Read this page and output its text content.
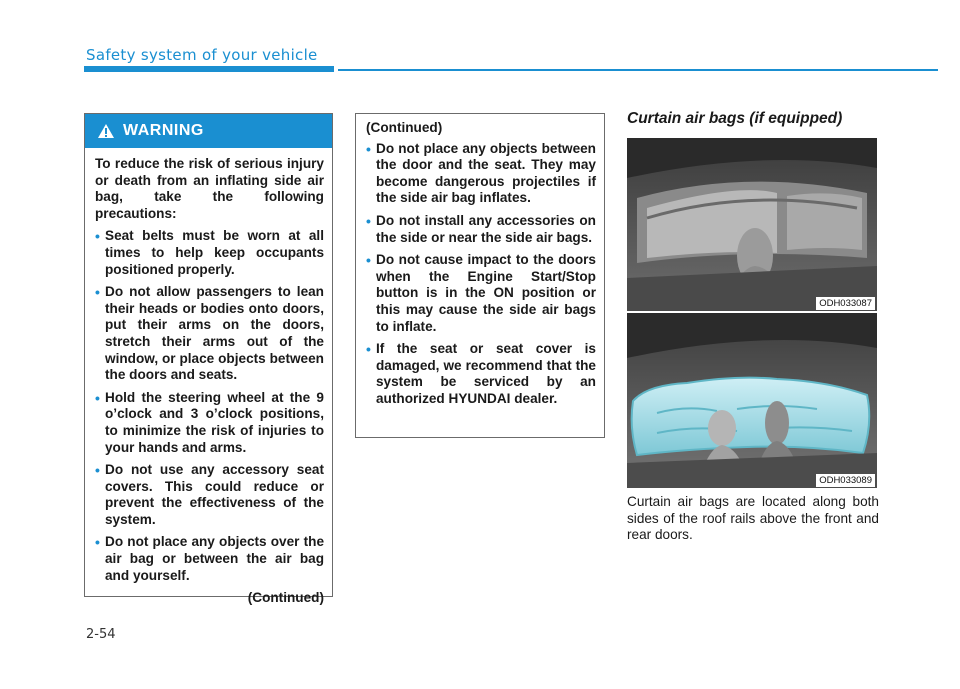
Safety system of your vehicle
WARNING

To reduce the risk of serious injury or death from an inflating side air bag, take the following precautions:

• Seat belts must be worn at all times to help keep occupants positioned properly.
• Do not allow passengers to lean their heads or bodies onto doors, put their arms on the doors, stretch their arms out of the window, or place objects between the doors and seats.
• Hold the steering wheel at the 9 o’clock and 3 o’clock positions, to minimize the risk of injuries to your hands and arms.
• Do not use any accessory seat covers. This could reduce or prevent the effectiveness of the system.
• Do not place any objects over the air bag or between the air bag and yourself.
(Continued)
(Continued)
• Do not place any objects between the door and the seat. They may become dangerous projectiles if the side air bag inflates.
• Do not install any accessories on the side or near the side air bags.
• Do not cause impact to the doors when the Engine Start/Stop button is in the ON position or this may cause the side air bags to inflate.
• If the seat or seat cover is damaged, we recommend that the system be serviced by an authorized HYUNDAI dealer.
Curtain air bags (if equipped)
ODH033087
ODH033089
Curtain air bags are located along both sides of the roof rails above the front and rear doors.
2-54
